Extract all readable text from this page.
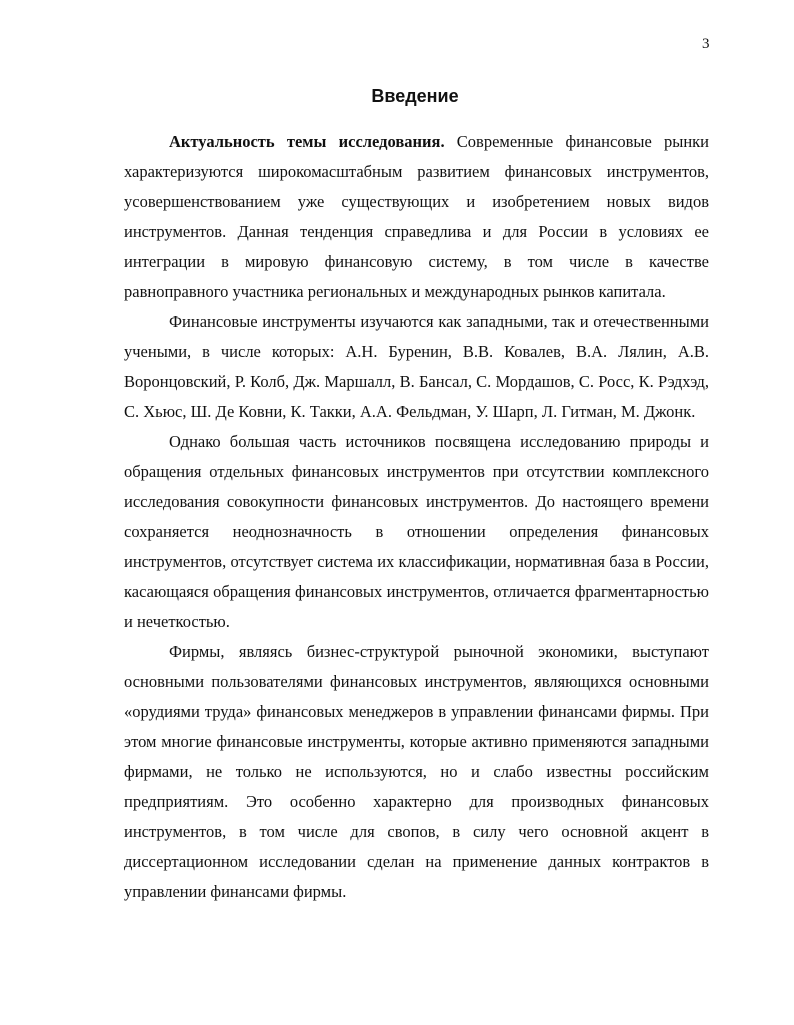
3
Введение

Актуальность темы исследования. Современные финансовые рынки характеризуются широкомасштабным развитием финансовых инструментов, усовершенствованием уже существующих и изобретением новых видов инструментов. Данная тенденция справедлива и для России в условиях ее интеграции в мировую финансовую систему, в том числе в качестве равноправного участника региональных и международных рынков капитала.

Финансовые инструменты изучаются как западными, так и отечественными учеными, в числе которых: А.Н. Буренин, В.В. Ковалев, В.А. Лялин, А.В. Воронцовский, Р. Колб, Дж. Маршалл, В. Бансал, С. Мордашов, С. Росс, К. Рэдхэд, С. Хьюс, Ш. Де Ковни, К. Такки, А.А. Фельдман, У. Шарп, Л. Гитман, М. Джонк.

Однако большая часть источников посвящена исследованию природы и обращения отдельных финансовых инструментов при отсутствии комплексного исследования совокупности финансовых инструментов. До настоящего времени сохраняется неоднозначность в отношении определения финансовых инструментов, отсутствует система их классификации, нормативная база в России, касающаяся обращения финансовых инструментов, отличается фрагментарностью и нечеткостью.

Фирмы, являясь бизнес-структурой рыночной экономики, выступают основными пользователями финансовых инструментов, являющихся основными «орудиями труда» финансовых менеджеров в управлении финансами фирмы. При этом многие финансовые инструменты, которые активно применяются западными фирмами, не только не используются, но и слабо известны российским предприятиям. Это особенно характерно для производных финансовых инструментов, в том числе для свопов, в силу чего основной акцент в диссертационном исследовании сделан на применение данных контрактов в управлении финансами фирмы.
